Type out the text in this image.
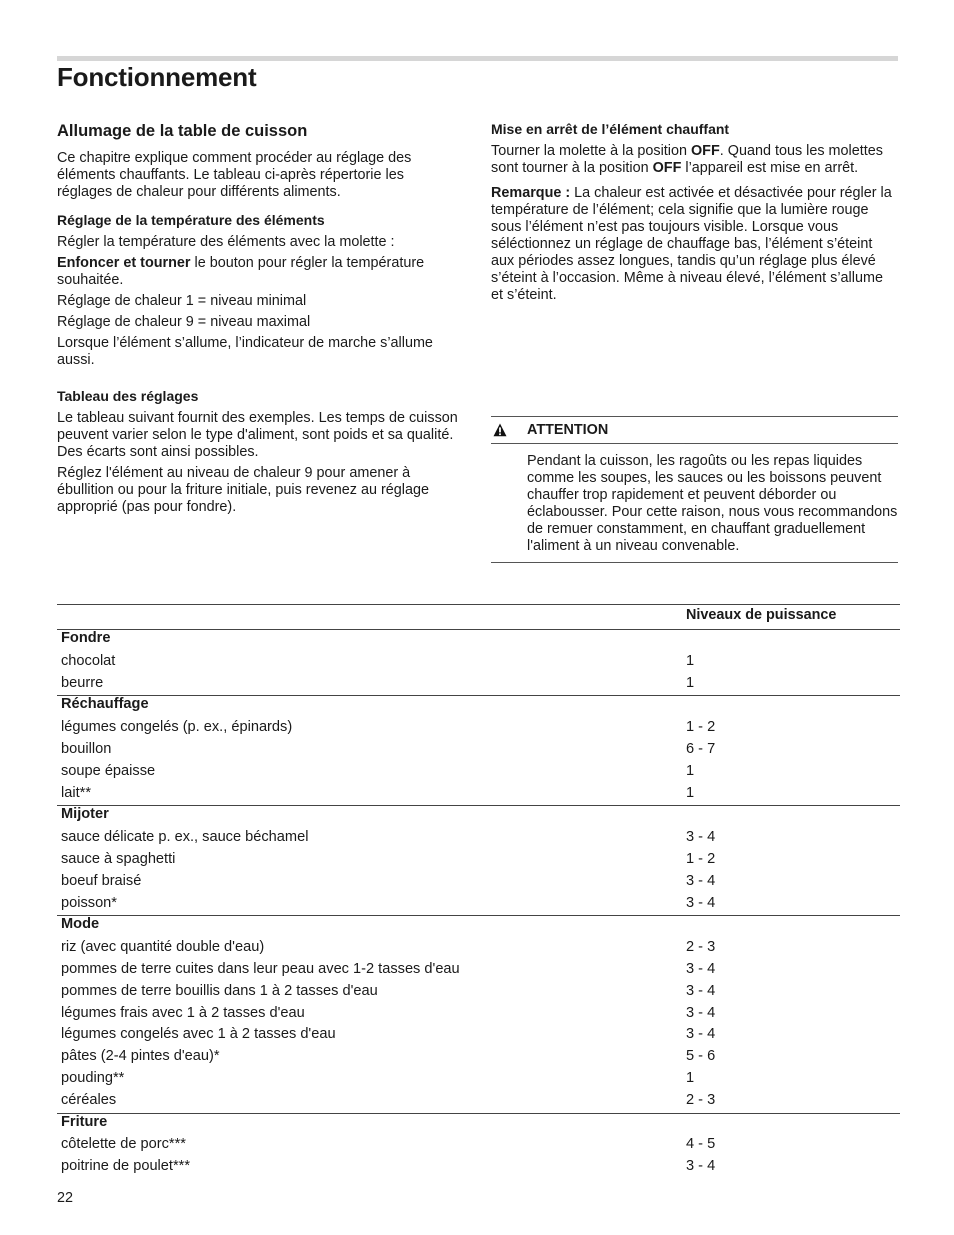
Fonctionnement
Allumage de la table de cuisson

Ce chapitre explique comment procéder au réglage des éléments chauffants. Le tableau ci-après répertorie les réglages de chaleur pour différents aliments.

Réglage de la température des éléments

Régler la température des éléments avec la molette :

Enfoncer et tourner le bouton pour régler la température souhaitée.

Réglage de chaleur 1 = niveau minimal

Réglage de chaleur 9 = niveau maximal

Lorsque l’élément s’allume, l’indicateur de marche s’allume aussi.

Tableau des réglages

Le tableau suivant fournit des exemples. Les temps de cuisson peuvent varier selon le type d'aliment, sont poids et sa qualité. Des écarts sont ainsi possibles.

Réglez l'élément au niveau de chaleur 9 pour amener à ébullition ou pour la friture initiale, puis revenez au réglage approprié (pas pour fondre).

Mise en arrêt de l’élément chauffant

Tourner la molette à la position OFF. Quand tous les molettes sont tourner à la position OFF l’appareil est mise en arrêt.

Remarque : La chaleur est activée et désactivée pour régler la température de l’élément; cela signifie que la lumière rouge sous l’élément n’est pas toujours visible. Lorsque vous séléctionnez un réglage de chauffage bas, l’élément s’éteint aux périodes assez longues, tandis qu’un réglage plus élevé s’éteint à l’occasion. Même à niveau élevé, l’élément s’allume et s’éteint.

ATTENTION
Pendant la cuisson, les ragoûts ou les repas liquides comme les soupes, les sauces ou les boissons peuvent chauffer trop rapidement et peuvent déborder ou éclabousser. Pour cette raison, nous vous recommandons de remuer constamment, en chauffant graduellement l'aliment à un niveau convenable.
Niveaux de puissance
Fondre
chocolat	1
beurre	1
Réchauffage
légumes congelés (p. ex., épinards)	1 - 2
bouillon	6 - 7
soupe épaisse	1
lait**	1
Mijoter
sauce délicate p. ex., sauce béchamel	3 - 4
sauce à spaghetti	1 - 2
boeuf braisé	3 - 4
poisson*	3 - 4
Mode
riz (avec quantité double d'eau)	2 - 3
pommes de terre cuites dans leur peau avec 1-2 tasses d'eau	3 - 4
pommes de terre bouillis dans 1 à 2 tasses d'eau	3 - 4
légumes frais avec 1 à 2 tasses d'eau	3 - 4
légumes congelés avec 1 à 2 tasses d'eau	3 - 4
pâtes (2-4 pintes d'eau)*	5 - 6
pouding**	1
céréales	2 - 3
Friture
côtelette de porc***	4 - 5
poitrine de poulet***	3 - 4
22
